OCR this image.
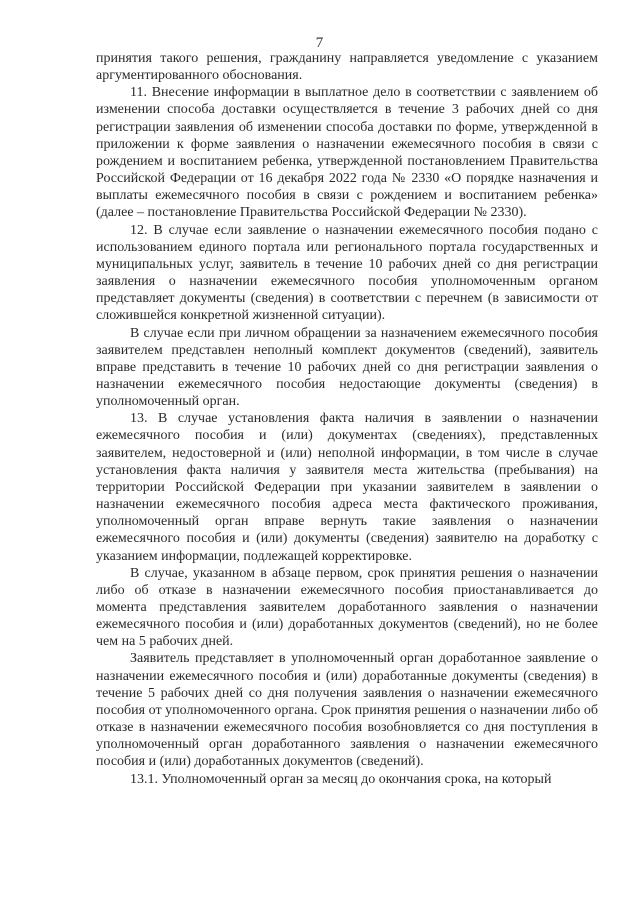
7

принятия такого решения, гражданину направляется уведомление с указанием аргументированного обоснования.

11. Внесение информации в выплатное дело в соответствии с заявлением об изменении способа доставки осуществляется в течение 3 рабочих дней со дня регистрации заявления об изменении способа доставки по форме, утвержденной в приложении к форме заявления о назначении ежемесячного пособия в связи с рождением и воспитанием ребенка, утвержденной постановлением Правительства Российской Федерации от 16 декабря 2022 года № 2330 «О порядке назначения и выплаты ежемесячного пособия в связи с рождением и воспитанием ребенка» (далее – постановление Правительства Российской Федерации № 2330).

12. В случае если заявление о назначении ежемесячного пособия подано с использованием единого портала или регионального портала государственных и муниципальных услуг, заявитель в течение 10 рабочих дней со дня регистрации заявления о назначении ежемесячного пособия уполномоченным органом представляет документы (сведения) в соответствии с перечнем (в зависимости от сложившейся конкретной жизненной ситуации).

В случае если при личном обращении за назначением ежемесячного пособия заявителем представлен неполный комплект документов (сведений), заявитель вправе представить в течение 10 рабочих дней со дня регистрации заявления о назначении ежемесячного пособия недостающие документы (сведения) в уполномоченный орган.

13. В случае установления факта наличия в заявлении о назначении ежемесячного пособия и (или) документах (сведениях), представленных заявителем, недостоверной и (или) неполной информации, в том числе в случае установления факта наличия у заявителя места жительства (пребывания) на территории Российской Федерации при указании заявителем в заявлении о назначении ежемесячного пособия адреса места фактического проживания, уполномоченный орган вправе вернуть такие заявления о назначении ежемесячного пособия и (или) документы (сведения) заявителю на доработку с указанием информации, подлежащей корректировке.

В случае, указанном в абзаце первом, срок принятия решения о назначении либо об отказе в назначении ежемесячного пособия приостанавливается до момента представления заявителем доработанного заявления о назначении ежемесячного пособия и (или) доработанных документов (сведений), но не более чем на 5 рабочих дней.

Заявитель представляет в уполномоченный орган доработанное заявление о назначении ежемесячного пособия и (или) доработанные документы (сведения) в течение 5 рабочих дней со дня получения заявления о назначении ежемесячного пособия от уполномоченного органа. Срок принятия решения о назначении либо об отказе в назначении ежемесячного пособия возобновляется со дня поступления в уполномоченный орган доработанного заявления о назначении ежемесячного пособия и (или) доработанных документов (сведений).

13.1. Уполномоченный орган за месяц до окончания срока, на который
